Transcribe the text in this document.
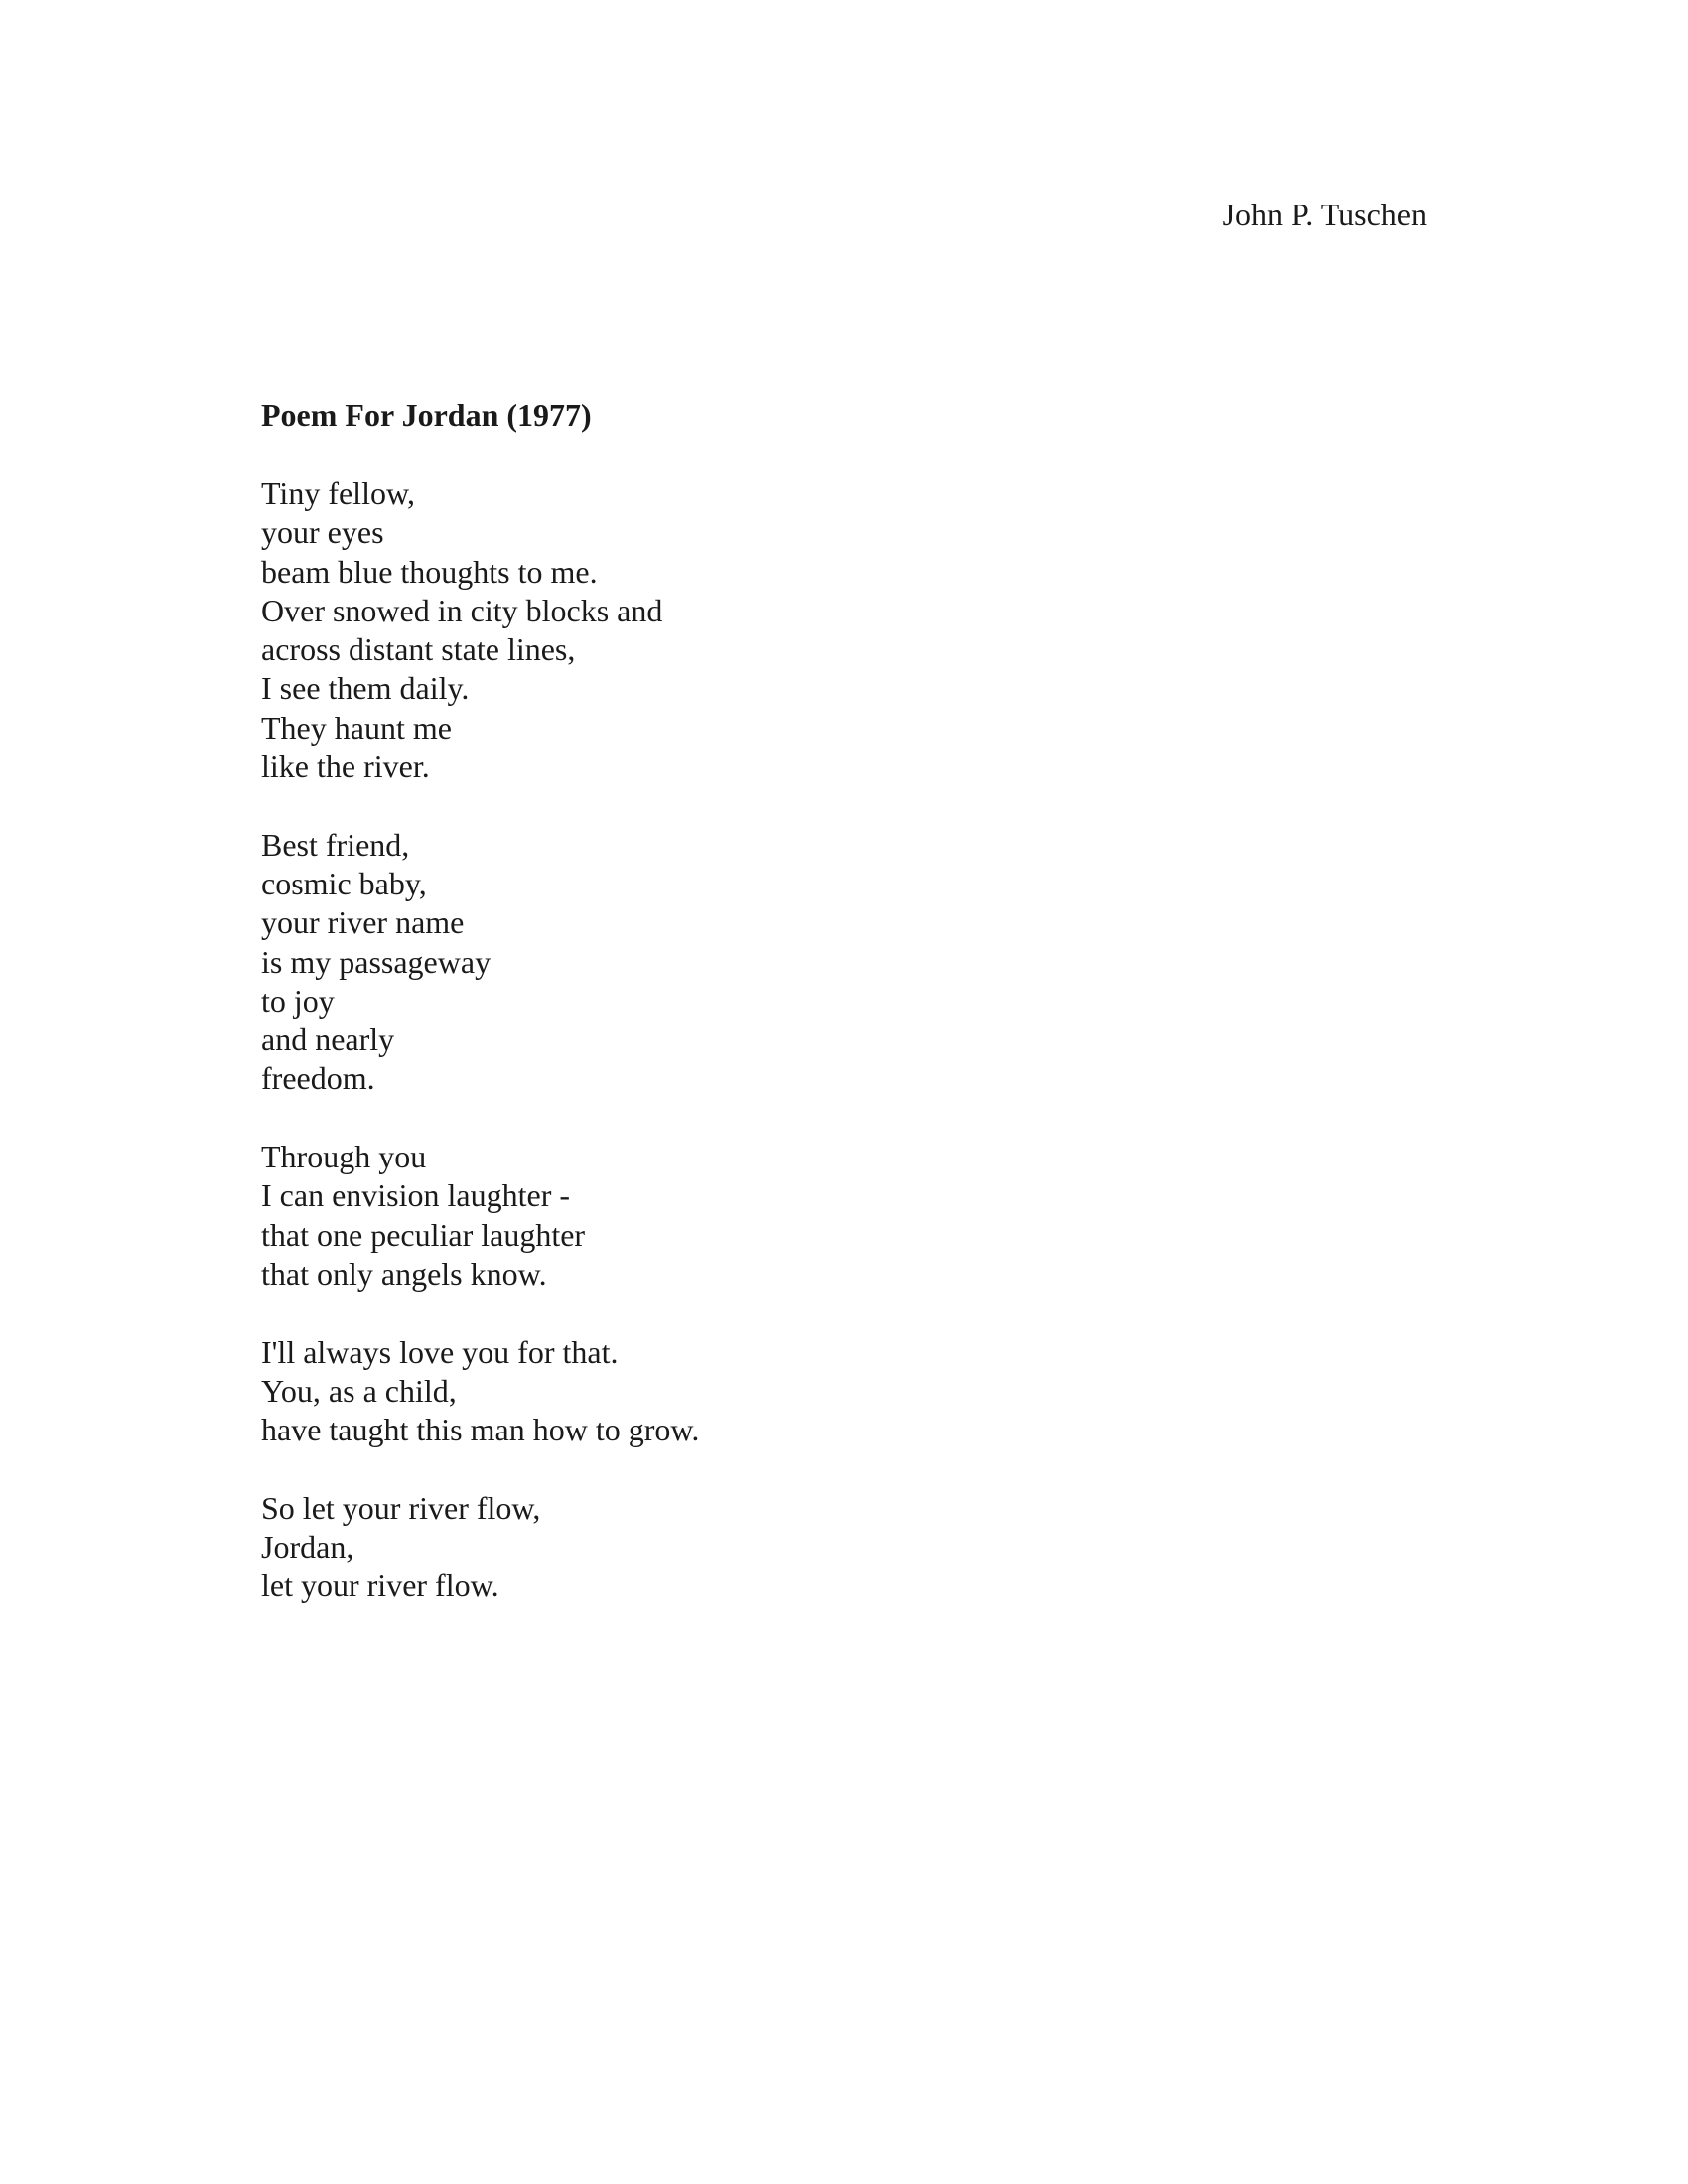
John P. Tuschen
Poem For Jordan (1977)
Tiny fellow,
your eyes
beam blue thoughts to me.
Over snowed in city blocks and
across distant state lines,
I see them daily.
They haunt me
like the river.
Best friend,
cosmic baby,
your river name
is my passageway
to joy
and nearly
freedom.
Through you
I can envision laughter -
that one peculiar laughter
that only angels know.
I'll always love you for that.
You, as a child,
have taught this man how to grow.
So let your river flow,
Jordan,
let your river flow.
